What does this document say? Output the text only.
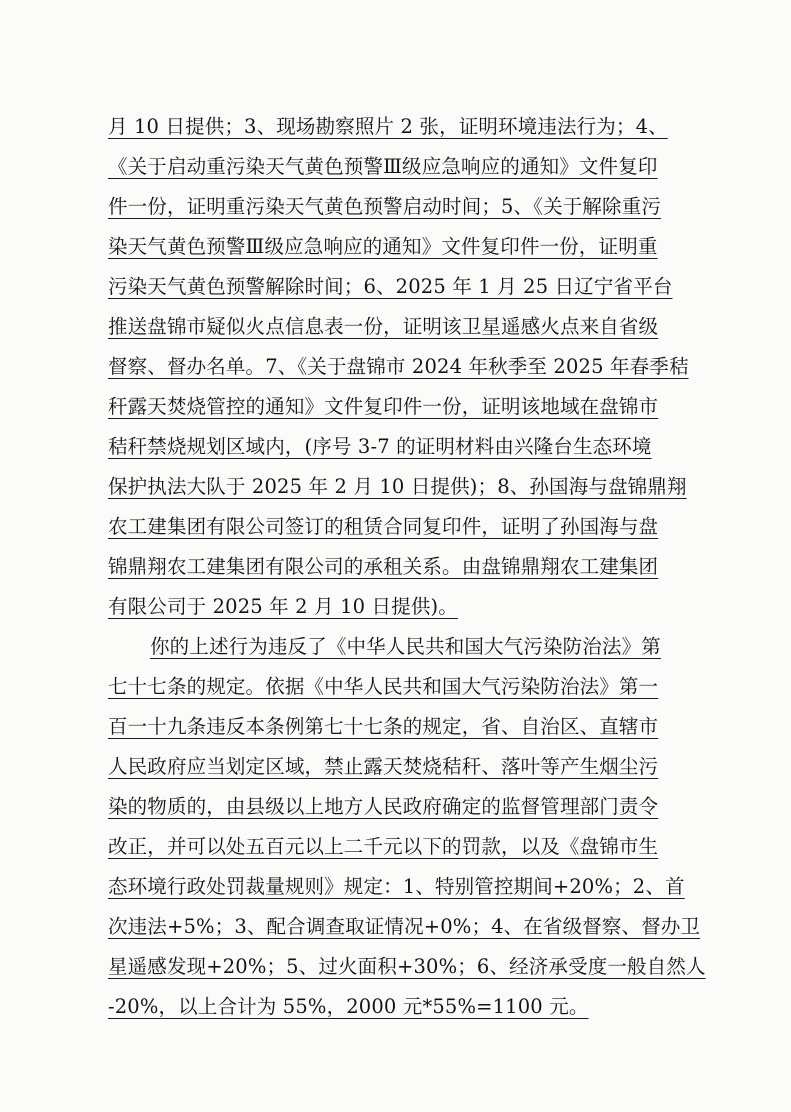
月 10 日提供；3、现场勘察照片 2 张，证明环境违法行为；4、
《关于启动重污染天气黄色预警Ⅲ级应急响应的通知》文件复印
件一份，证明重污染天气黄色预警启动时间；5、《关于解除重污
染天气黄色预警Ⅲ级应急响应的通知》文件复印件一份，证明重
污染天气黄色预警解除时间；6、2025 年 1 月 25 日辽宁省平台
推送盘锦市疑似火点信息表一份，证明该卫星遥感火点来自省级
督察、督办名单。7、《关于盘锦市 2024 年秋季至 2025 年春季秸
秆露天焚烧管控的通知》文件复印件一份，证明该地域在盘锦市
秸秆禁烧规划区域内，(序号 3-7 的证明材料由兴隆台生态环境
保护执法大队于 2025 年 2 月 10 日提供)；8、孙国海与盘锦鼎翔
农工建集团有限公司签订的租赁合同复印件，证明了孙国海与盘
锦鼎翔农工建集团有限公司的承租关系。由盘锦鼎翔农工建集团
有限公司于 2025 年 2 月 10 日提供)。
你的上述行为违反了《中华人民共和国大气污染防治法》第
七十七条的规定。依据《中华人民共和国大气污染防治法》第一
百一十九条违反本条例第七十七条的规定，省、自治区、直辖市
人民政府应当划定区域，禁止露天焚烧秸秆、落叶等产生烟尘污
染的物质的，由县级以上地方人民政府确定的监督管理部门责令
改正，并可以处五百元以上二千元以下的罚款，以及《盘锦市生
态环境行政处罚裁量规则》规定：1、特别管控期间+20%；2、首
次违法+5%；3、配合调查取证情况+0%；4、在省级督察、督办卫
星遥感发现+20%；5、过火面积+30%；6、经济承受度一般自然人
-20%，以上合计为 55%，2000 元*55%=1100 元。
